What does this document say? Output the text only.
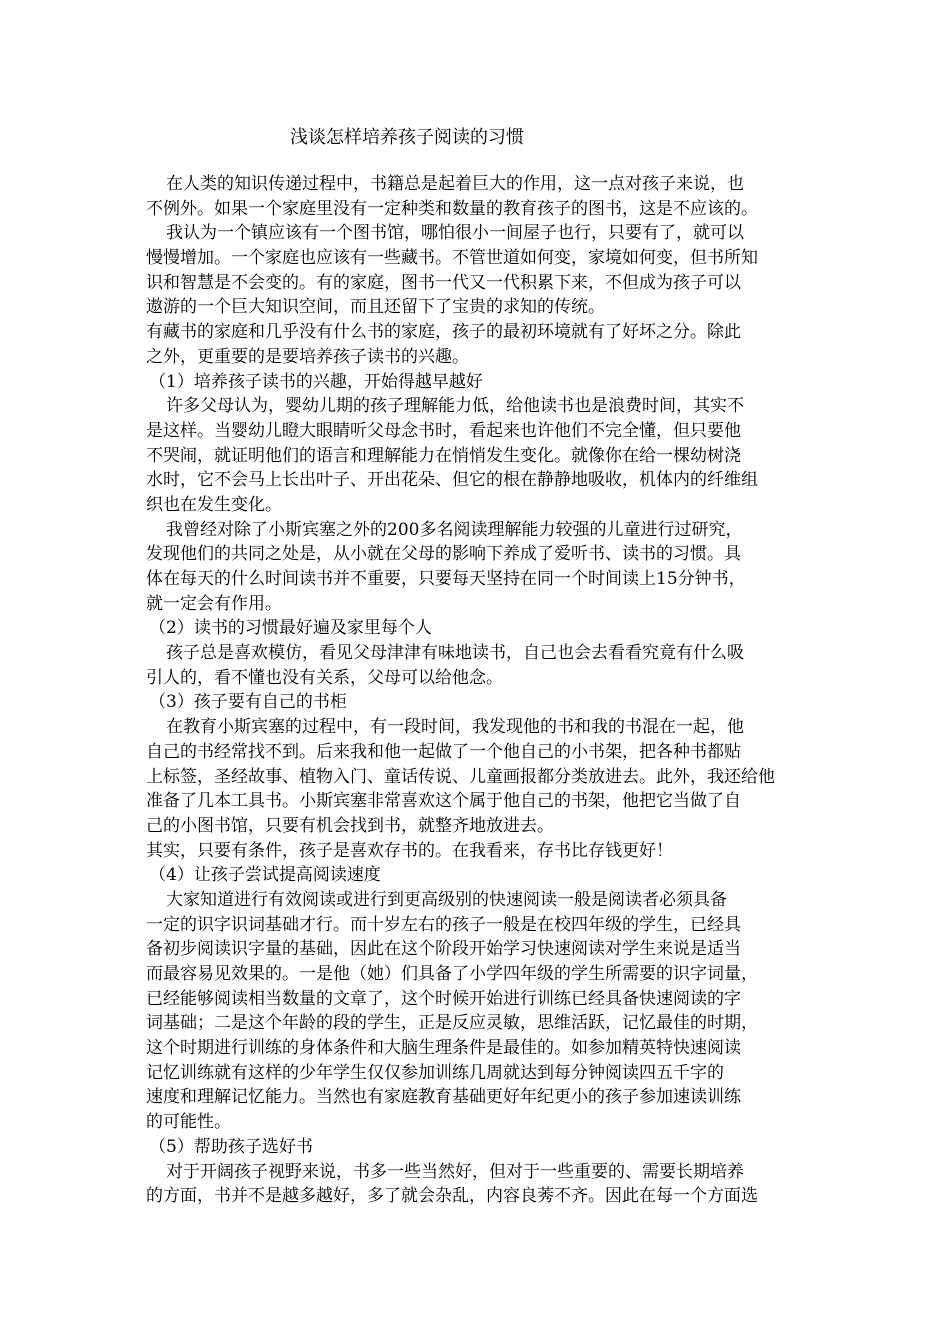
浅谈怎样培养孩子阅读的习惯
在人类的知识传递过程中，书籍总是起着巨大的作用，这一点对孩子来说，也
不例外。如果一个家庭里没有一定种类和数量的教育孩子的图书，这是不应该的。
我认为一个镇应该有一个图书馆，哪怕很小一间屋子也行，只要有了，就可以
慢慢增加。一个家庭也应该有一些藏书。不管世道如何变，家境如何变，但书所知
识和智慧是不会变的。有的家庭，图书一代又一代积累下来，不但成为孩子可以
遨游的一个巨大知识空间，而且还留下了宝贵的求知的传统。
有藏书的家庭和几乎没有什么书的家庭，孩子的最初环境就有了好坏之分。除此
之外，更重要的是要培养孩子读书的兴趣。
（1）培养孩子读书的兴趣，开始得越早越好
许多父母认为，婴幼儿期的孩子理解能力低，给他读书也是浪费时间，其实不
是这样。当婴幼儿瞪大眼睛听父母念书时，看起来也许他们不完全懂，但只要他
不哭闹，就证明他们的语言和理解能力在悄悄发生变化。就像你在给一棵幼树浇
水时，它不会马上长出叶子、开出花朵、但它的根在静静地吸收，机体内的纤维组
织也在发生变化。
我曾经对除了小斯宾塞之外的200多名阅读理解能力较强的儿童进行过研究，
发现他们的共同之处是，从小就在父母的影响下养成了爱听书、读书的习惯。具
体在每天的什么时间读书并不重要，只要每天坚持在同一个时间读上15分钟书，
就一定会有作用。
（2）读书的习惯最好遍及家里每个人
孩子总是喜欢模仿，看见父母津津有味地读书，自己也会去看看究竟有什么吸
引人的，看不懂也没有关系，父母可以给他念。
（3）孩子要有自己的书柜
在教育小斯宾塞的过程中，有一段时间，我发现他的书和我的书混在一起，他
自己的书经常找不到。后来我和他一起做了一个他自己的小书架，把各种书都贴
上标签，圣经故事、植物入门、童话传说、儿童画报都分类放进去。此外，我还给他
准备了几本工具书。小斯宾塞非常喜欢这个属于他自己的书架，他把它当做了自
己的小图书馆，只要有机会找到书，就整齐地放进去。
其实，只要有条件，孩子是喜欢存书的。在我看来，存书比存钱更好！
（4）让孩子尝试提高阅读速度
大家知道进行有效阅读或进行到更高级别的快速阅读一般是阅读者必须具备
一定的识字识词基础才行。而十岁左右的孩子一般是在校四年级的学生，已经具
备初步阅读识字量的基础，因此在这个阶段开始学习快速阅读对学生来说是适当
而最容易见效果的。一是他（她）们具备了小学四年级的学生所需要的识字词量，
已经能够阅读相当数量的文章了，这个时候开始进行训练已经具备快速阅读的字
词基础；二是这个年龄的段的学生，正是反应灵敏，思维活跃，记忆最佳的时期，
这个时期进行训练的身体条件和大脑生理条件是最佳的。如参加精英特快速阅读
记忆训练就有这样的少年学生仅仅参加训练几周就达到每分钟阅读四五千字的
速度和理解记忆能力。当然也有家庭教育基础更好年纪更小的孩子参加速读训练
的可能性。
（5）帮助孩子选好书
对于开阔孩子视野来说，书多一些当然好，但对于一些重要的、需要长期培养
的方面，书并不是越多越好，多了就会杂乱，内容良莠不齐。因此在每一个方面选
